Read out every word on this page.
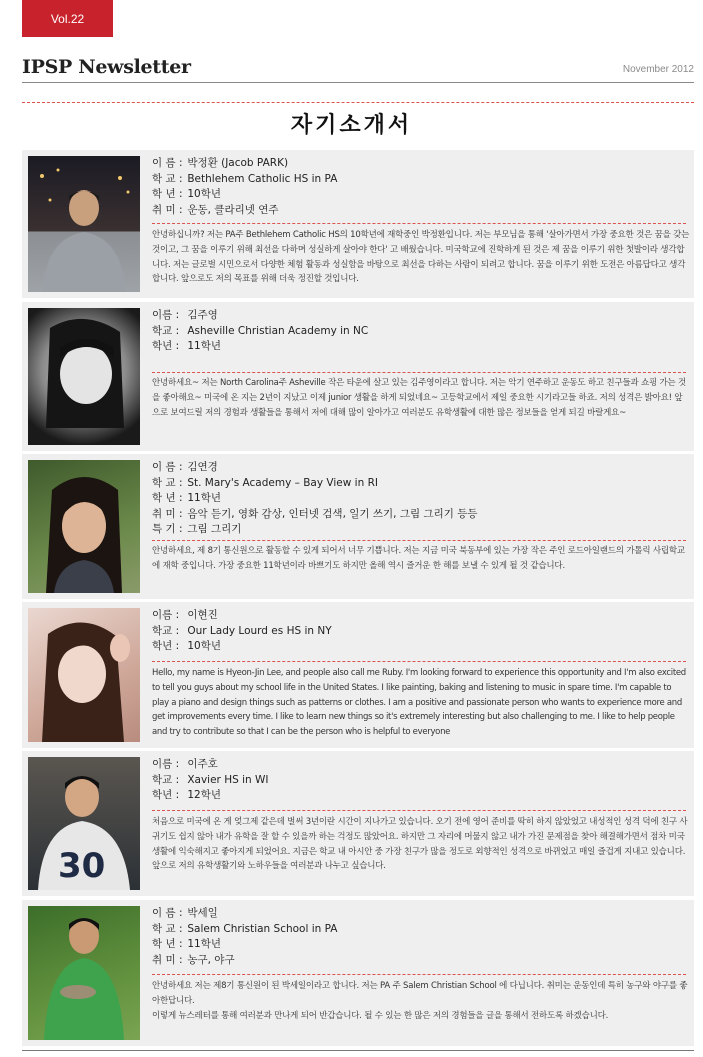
Vol.22
IPSP Newsletter	November 2012
자기소개서
이 름 : 박정환 (Jacob PARK)
학 교 : Bethlehem Catholic HS in PA
학 년 : 10학년
취 미 : 운동, 클라리넷 연주
안녕하십니까? 저는 PA주 Bethlehem Catholic HS의 10학년에 재학중인 박정환입니다. 저는 부모님을 통해 '살아가면서 가장 중요한 것은 꿈을 갖는 것이고, 그 꿈을 이루기 위해 최선을 다하며 성실하게 살아야 한다' 고 배웠습니다. 미국학교에 진학하게 된 것은 제 꿈을 이루기 위한 첫발이라 생각합니다. 저는 글로벌 시민으로서 다양한 체험 활동과 성실함을 바탕으로 최선을 다하는 사람이 되려고 합니다. 꿈을 이루기 위한 도전은 아름답다고 생각합니다. 앞으로도 저의 목표를 위해 더욱 정진할 것입니다.
이름 : 김주영
학교 : Asheville Christian Academy in NC
학년 : 11학년
안녕하세요~ 저는 North Carolina주 Asheville 작은 타운에 살고 있는 김주영이라고 합니다. 저는 악기 연주하고 운동도 하고 친구들과 쇼핑 가는 것을 좋아해요~ 미국에 온 지는 2년이 지났고 이제 junior 생활을 하게 되었네요~ 고등학교에서 제일 중요한 시기라고들 하죠. 저의 성격은 밝아요! 앞으로 보여드릴 저의 경험과 생활들을 통해서 저에 대해 많이 알아가고 여러분도 유학생활에 대한 많은 정보들을 얻게 되길 바랄게요~
이 름 : 김연경
학 교 : St. Mary's Academy – Bay View in RI
학 년 : 11학년
취 미 : 음악 듣기, 영화 감상, 인터넷 검색, 일기 쓰기, 그림 그리기 등등
특 기 : 그림 그리기
안녕하세요, 제 8기 통신원으로 활동할 수 있게 되어서 너무 기쁩니다. 저는 지금 미국 북동부에 있는 가장 작은 주인 로드아일랜드의 가톨릭 사립학교에 재학 중입니다. 가장 중요한 11학년이라 바쁘기도 하지만 올해 역시 즐거운 한 해를 보낼 수 있게 될 것 같습니다.
이름 : 이현진
학교 : Our Lady Lourd es HS in NY
학년 : 10학년
Hello, my name is Hyeon-Jin Lee, and people also call me Ruby. I'm looking forward to experience this opportunity and I'm also excited to tell you guys about my school life in the United States. I like painting, baking and listening to music in spare time. I'm capable to play a piano and design things such as patterns or clothes. I am a positive and passionate person who wants to experience more and get improvements every time. I like to learn new things so it's extremely interesting but also challenging to me. I like to help people and try to contribute so that I can be the person who is helpful to everyone
30
이름 : 이주호
학교 : Xavier HS in WI
학년 : 12학년
처음으로 미국에 온 게 엊그제 같은데 벌써 3년이란 시간이 지나가고 있습니다. 오기 전에 영어 준비를 딱히 하지 않았었고 내성적인 성격 덕에 친구 사귀기도 쉽지 않아 내가 유학을 잘 할 수 있을까 하는 걱정도 많았어요. 하지만 그 자리에 머물지 않고 내가 가진 문제점을 찾아 해결해가면서 점차 미국 생활에 익숙해지고 좋아지게 되었어요. 지금은 학교 내 아시안 중 가장 친구가 많을 정도로 외향적인 성격으로 바뀌었고 매일 즐겁게 지내고 있습니다. 앞으로 저의 유학생활기와 노하우들을 여러분과 나누고 싶습니다.
이 름 : 박세일
학 교 : Salem Christian School in PA
학 년 : 11학년
취 미 : 농구, 야구
안녕하세요 저는 제8기 통신원이 된 박세일이라고 합니다. 저는 PA 주 Salem Christian School 에 다닙니다. 취미는 운동인데 특히 농구와 야구를 좋아한답니다.
이렇게 뉴스레터를 통해 여러분과 만나게 되어 반갑습니다. 될 수 있는 한 많은 저의 경험들을 글을 통해서 전하도록 하겠습니다.
